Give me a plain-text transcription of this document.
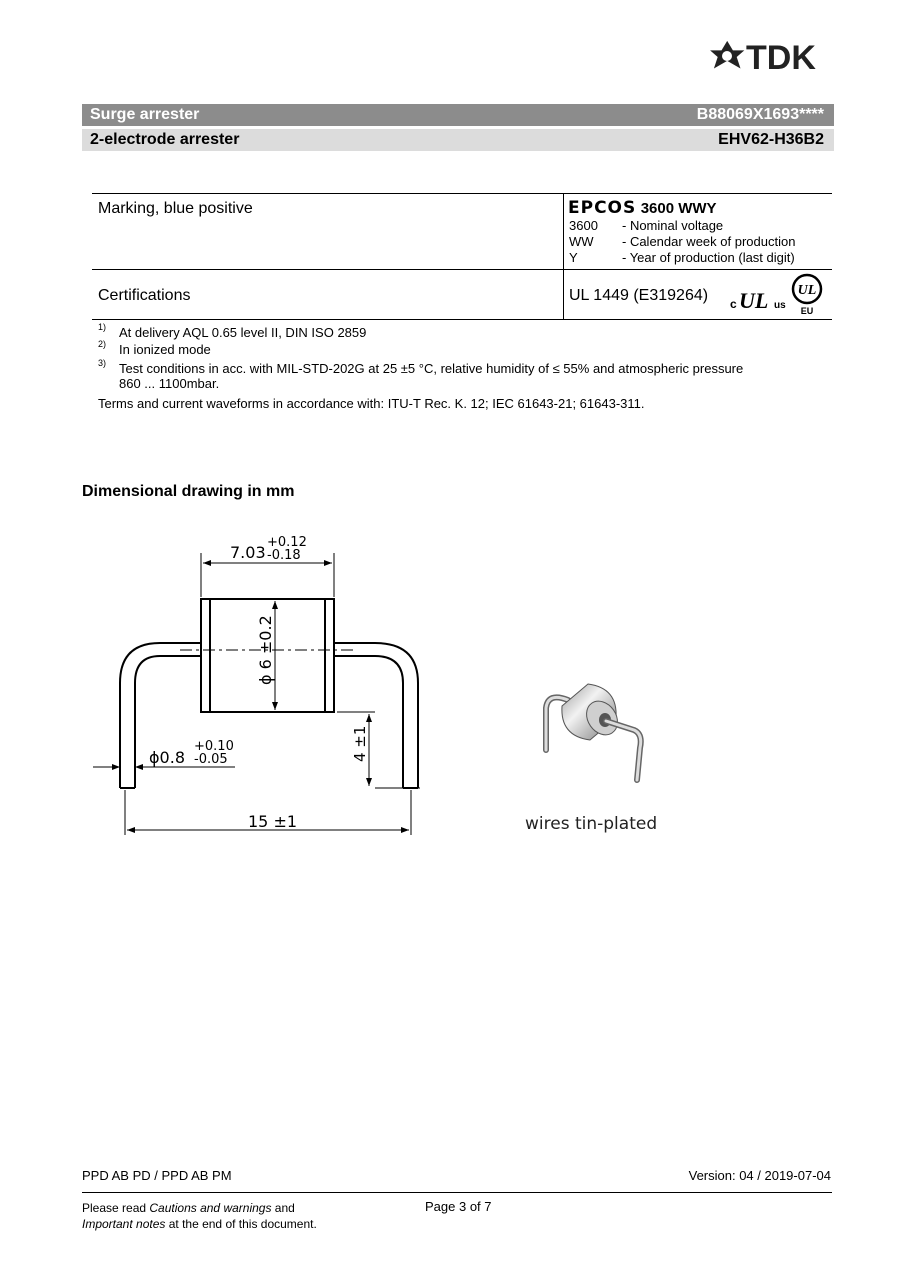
TDK
Surge arrester	B88069X1693****
2-electrode arrester	EHV62-H36B2
Marking, blue positive	EPCOS 3600 WWY
3600 - Nominal voltage
WW - Calendar week of production
Y	- Year of production (last digit)
Certifications	UL 1449 (E319264) c UL us
UL
EU
1) At delivery AQL 0.65 level II, DIN ISO 2859
2) In ionized mode
3) Test conditions in acc. with MIL-STD-202G at 25 ±5 °C, relative humidity of ≤ 55% and atmospheric pressure
860 ... 1100mbar.
Terms and current waveforms in accordance with: ITU-T Rec. K. 12; IEC 61643-21; 61643-311.
Dimensional drawing in mm
7.03
+0.12
-0.18
ϕ 6 ±0.2
ϕ0.8
+0.10
-0.05	4 ±1
15 ±1	wires tin-plated
PPD AB PD / PPD AB PM	Version: 04 / 2019-07-04
Please read Cautions and warnings and
Important notes at the end of this document.
Page 3 of 7
